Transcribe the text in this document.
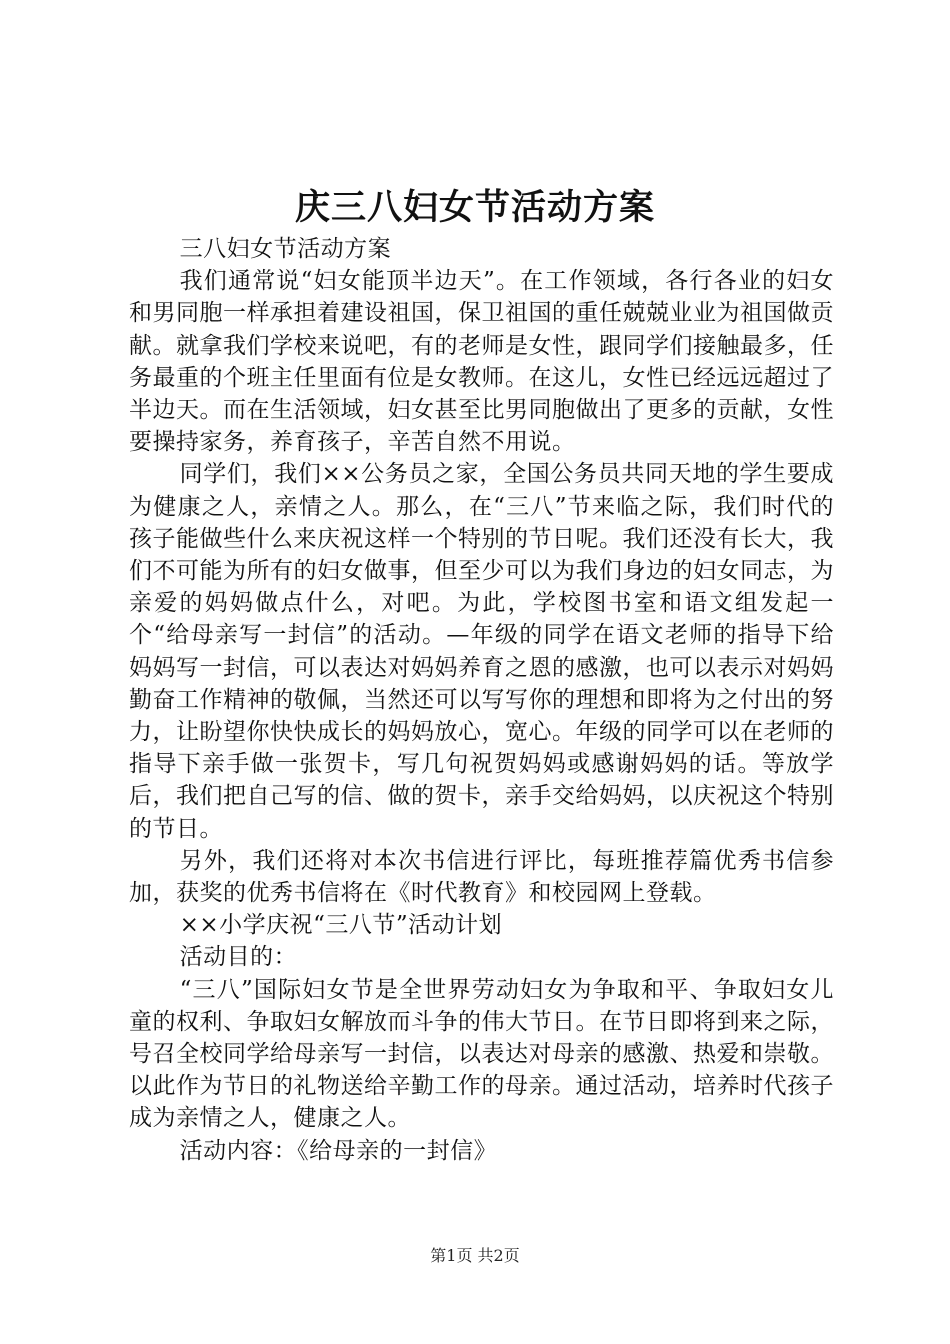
庆三八妇女节活动方案

三八妇女节活动方案

我们通常说“妇女能顶半边天”。在工作领域，各行各业的妇女和男同胞一样承担着建设祖国，保卫祖国的重任兢兢业业为祖国做贡献。就拿我们学校来说吧，有的老师是女性，跟同学们接触最多，任务最重的个班主任里面有位是女教师。在这儿，女性已经远远超过了半边天。而在生活领域，妇女甚至比男同胞做出了更多的贡献，女性要操持家务，养育孩子，辛苦自然不用说。

同学们，我们××公务员之家，全国公务员共同天地的学生要成为健康之人，亲情之人。那么，在“三八”节来临之际，我们时代的孩子能做些什么来庆祝这样一个特别的节日呢。我们还没有长大，我们不可能为所有的妇女做事，但至少可以为我们身边的妇女同志，为亲爱的妈妈做点什么，对吧。为此，学校图书室和语文组发起一个“给母亲写一封信”的活动。—年级的同学在语文老师的指导下给妈妈写一封信，可以表达对妈妈养育之恩的感激，也可以表示对妈妈勤奋工作精神的敬佩，当然还可以写写你的理想和即将为之付出的努力，让盼望你快快成长的妈妈放心，宽心。年级的同学可以在老师的指导下亲手做一张贺卡，写几句祝贺妈妈或感谢妈妈的话。等放学后，我们把自己写的信、做的贺卡，亲手交给妈妈，以庆祝这个特别的节日。

另外，我们还将对本次书信进行评比，每班推荐篇优秀书信参加，获奖的优秀书信将在《时代教育》和校园网上登载。

××小学庆祝“三八节”活动计划

活动目的：

“三八”国际妇女节是全世界劳动妇女为争取和平、争取妇女儿童的权利、争取妇女解放而斗争的伟大节日。在节日即将到来之际，号召全校同学给母亲写一封信，以表达对母亲的感激、热爱和崇敬。以此作为节日的礼物送给辛勤工作的母亲。通过活动，培养时代孩子成为亲情之人，健康之人。

活动内容：《给母亲的一封信》

第1页 共2页
